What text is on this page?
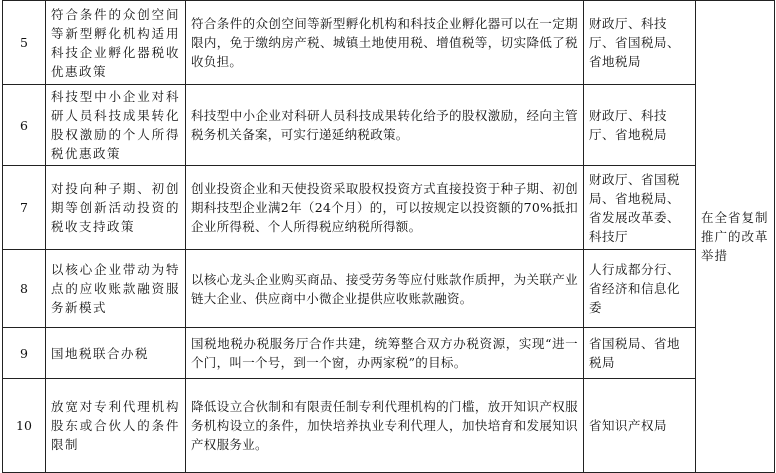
5	符合条件的众创空间等新型孵化机构适用科技企业孵化器税收优惠政策	符合条件的众创空间等新型孵化机构和科技企业孵化器可以在一定期限内，免于缴纳房产税、城镇土地使用税、增值税等，切实降低了税收负担。	财政厅、科技厅、省国税局、省地税局	在全省复制推广的改革举措
6	科技型中小企业对科研人员科技成果转化股权激励的个人所得税优惠政策	科技型中小企业对科研人员科技成果转化给予的股权激励，经向主管税务机关备案，可实行递延纳税政策。	财政厅、科技厅、省地税局	
7	对投向种子期、初创期等创新活动投资的税收支持政策	创业投资企业和天使投资采取股权投资方式直接投资于种子期、初创期科技型企业满2年（24个月）的，可以按规定以投资额的70%抵扣企业所得税、个人所得税应纳税所得额。	财政厅、省国税局、省地税局、省发展改革委、科技厅	
8	以核心企业带动为特点的应收账款融资服务新模式	以核心龙头企业购买商品、接受劳务等应付账款作质押，为关联产业链大企业、供应商中小微企业提供应收账款融资。	人行成都分行、省经济和信息化委	
9	国地税联合办税	国税地税办税服务厅合作共建，统筹整合双方办税资源，实现“进一个门，叫一个号，到一个窗，办两家税”的目标。	省国税局、省地税局	
10	放宽对专利代理机构股东或合伙人的条件限制	降低设立合伙制和有限责任制专利代理机构的门槛，放开知识产权服务机构设立的条件，加快培养执业专利代理人，加快培育和发展知识产权服务业。	省知识产权局	
